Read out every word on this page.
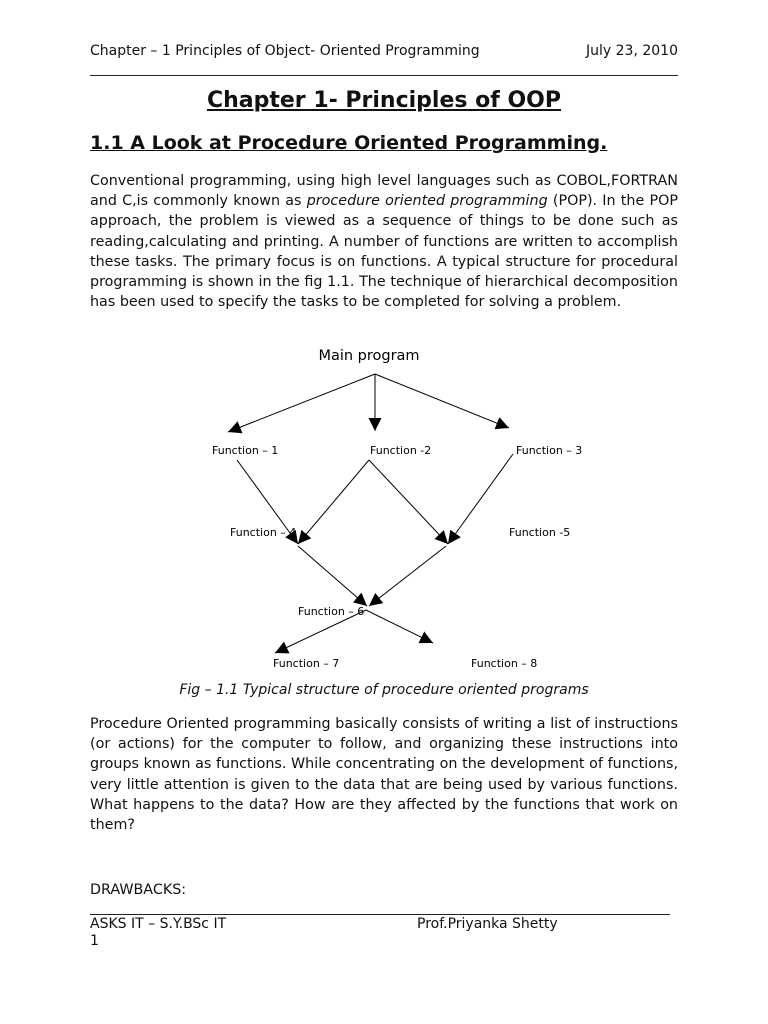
Chapter – 1 Principles of Object- Oriented Programming	July 23, 2010
Chapter 1- Principles of OOP
1.1 A Look at Procedure Oriented Programming.

Conventional programming, using high level languages such as COBOL,FORTRAN and C,is commonly known as procedure oriented programming (POP). In the POP approach, the problem is viewed as a sequence of things to be done such as reading,calculating and printing. A number of functions are written to accomplish these tasks. The primary focus is on functions. A typical structure for procedural programming is shown in the fig 1.1. The technique of hierarchical decomposition has been used to specify the tasks to be completed for solving a problem.

Main program
Function – 1	Function -2	Function – 3
Function – 4	Function -5
Function – 6
Function – 7	Function – 8
Fig – 1.1 Typical structure of procedure oriented programs

Procedure Oriented programming basically consists of writing a list of instructions (or actions) for the computer to follow, and organizing these instructions into groups known as functions. While concentrating on the development of functions, very little attention is given to the data that are being used by various functions. What happens to the data? How are they affected by the functions that work on them?

DRAWBACKS:
ASKS IT – S.Y.BSc IT	Prof.Priyanka Shetty
1
